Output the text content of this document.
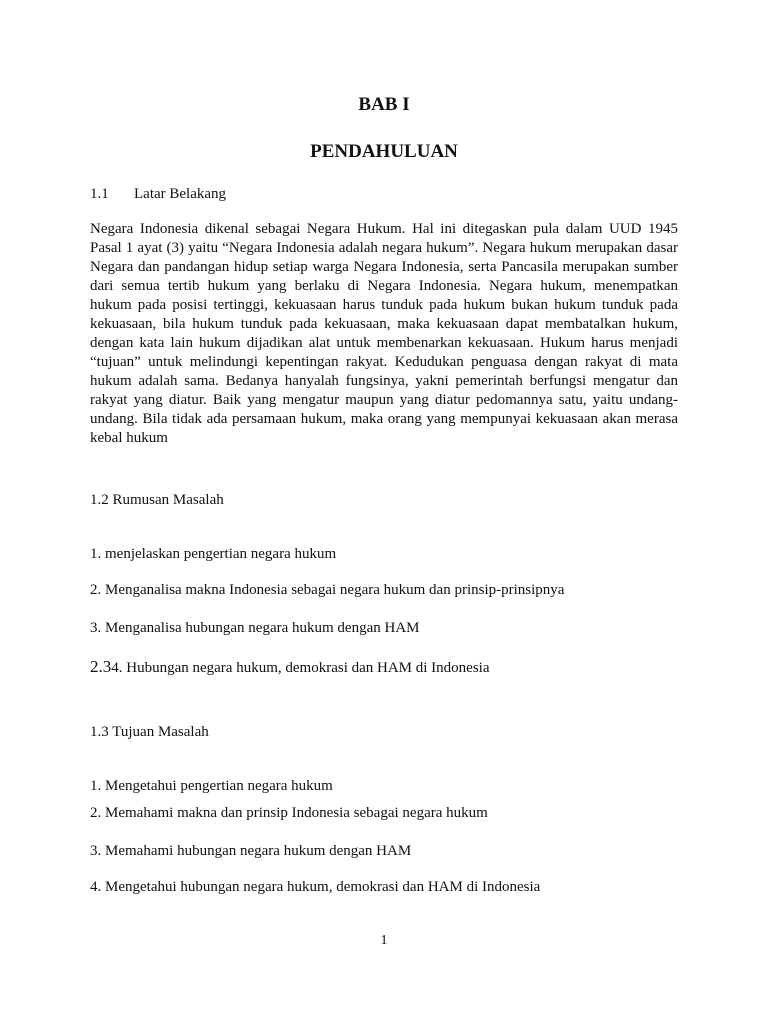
BAB I
PENDAHULUAN
1.1 Latar Belakang
Negara Indonesia dikenal sebagai Negara Hukum. Hal ini ditegaskan pula dalam UUD 1945
Pasal 1 ayat (3) yaitu “Negara Indonesia adalah negara hukum”. Negara hukum merupakan dasar
Negara dan pandangan hidup setiap warga Negara Indonesia, serta Pancasila merupakan sumber
dari semua tertib hukum yang berlaku di Negara Indonesia. Negara hukum, menempatkan
hukum pada posisi tertinggi, kekuasaan harus tunduk pada hukum bukan hukum tunduk pada
kekuasaan, bila hukum tunduk pada kekuasaan, maka kekuasaan dapat membatalkan hukum,
dengan kata lain hukum dijadikan alat untuk membenarkan kekuasaan. Hukum harus menjadi
“tujuan” untuk melindungi kepentingan rakyat. Kedudukan penguasa dengan rakyat di mata
hukum adalah sama. Bedanya hanyalah fungsinya, yakni pemerintah berfungsi mengatur dan
rakyat yang diatur. Baik yang mengatur maupun yang diatur pedomannya satu, yaitu undang-
undang. Bila tidak ada persamaan hukum, maka orang yang mempunyai kekuasaan akan merasa
kebal hukum
1.2 Rumusan Masalah
1. menjelaskan pengertian negara hukum
2. Menganalisa makna Indonesia sebagai negara hukum dan prinsip-prinsipnya
3. Menganalisa hubungan negara hukum dengan HAM
2.34. Hubungan negara hukum, demokrasi dan HAM di Indonesia
1.3 Tujuan Masalah
1. Mengetahui pengertian negara hukum
2. Memahami makna dan prinsip Indonesia sebagai negara hukum
3. Memahami hubungan negara hukum dengan HAM
4. Mengetahui hubungan negara hukum, demokrasi dan HAM di Indonesia
1
